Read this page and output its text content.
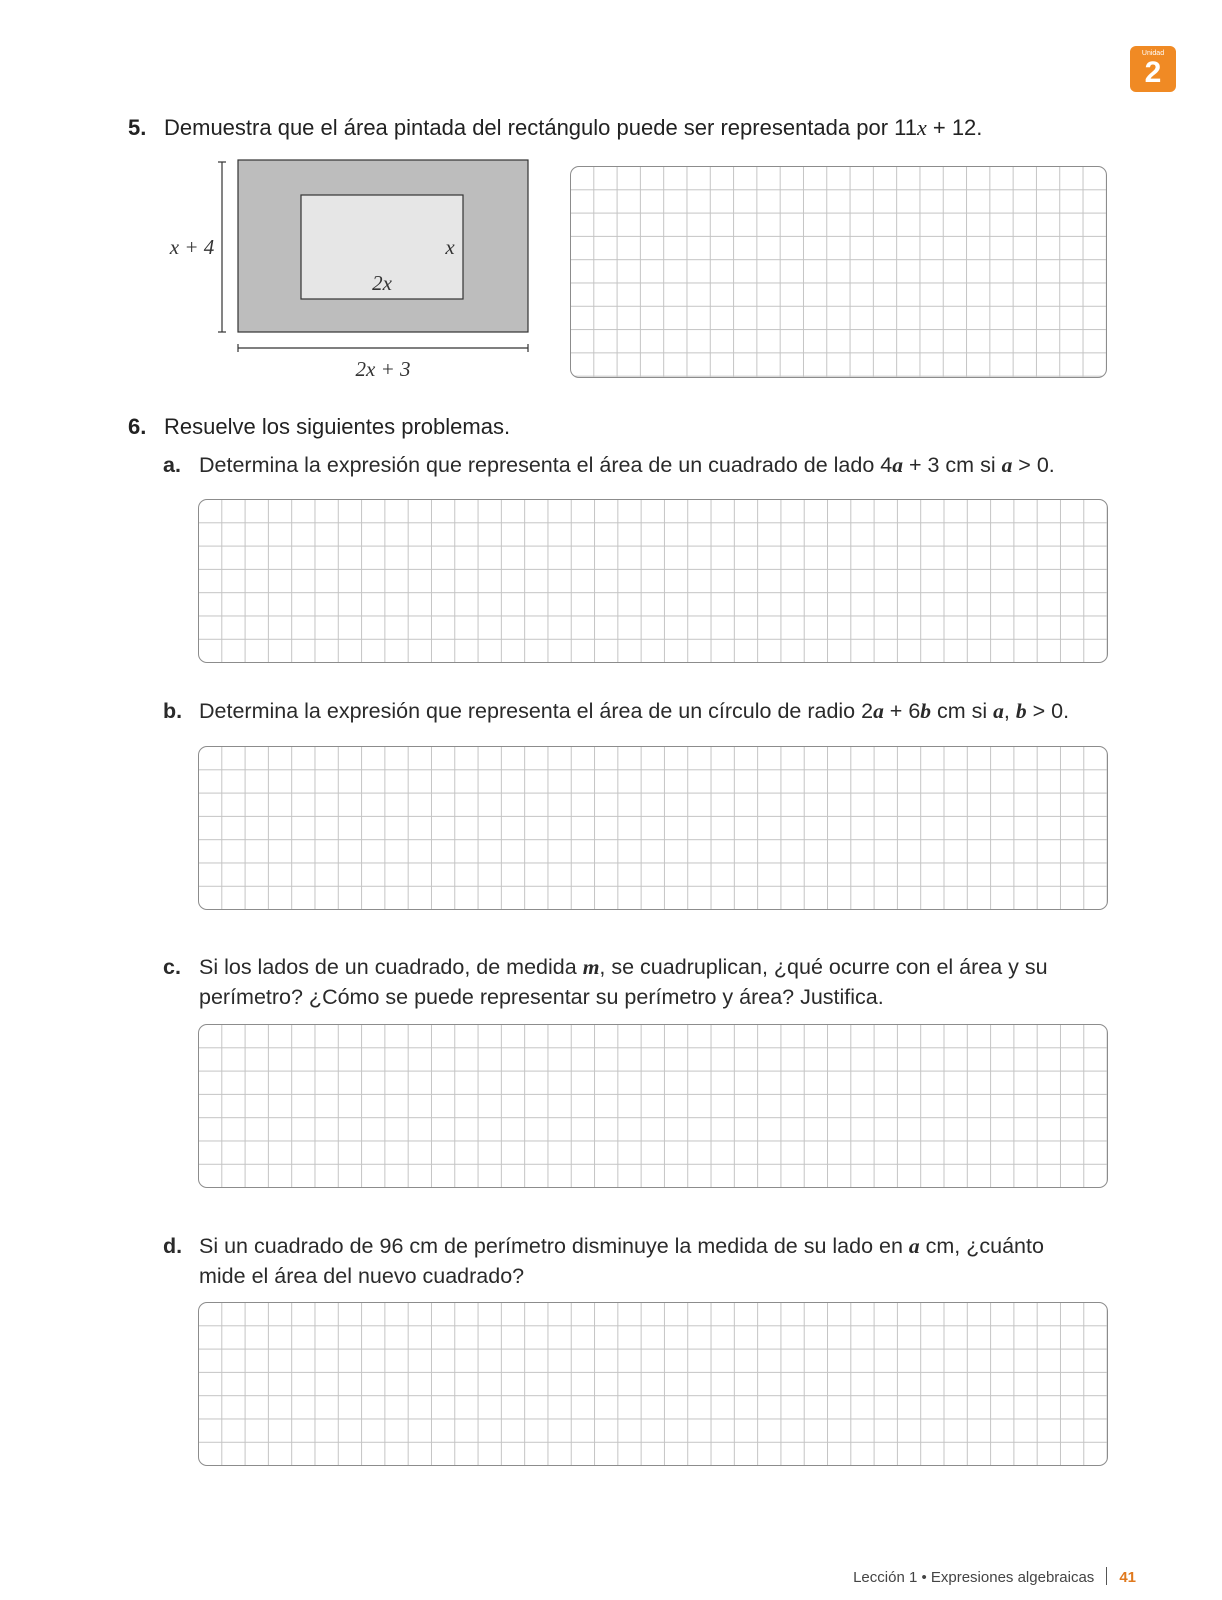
Unidad
2
5. Demuestra que el área pintada del rectángulo puede ser representada por 11x + 12.
x + 4	x
2x
2x + 3
6. Resuelve los siguientes problemas.
a. Determina la expresión que representa el área de un cuadrado de lado 4a + 3 cm si a > 0.
b. Determina la expresión que representa el área de un círculo de radio 2a + 6b cm si a, b > 0.
c. Si los lados de un cuadrado, de medida m, se cuadruplican, ¿qué ocurre con el área y su perímetro? ¿Cómo se puede representar su perímetro y área? Justifica.
d. Si un cuadrado de 96 cm de perímetro disminuye la medida de su lado en a cm, ¿cuánto mide el área del nuevo cuadrado?
Lección 1 • Expresiones algebraicas 41
